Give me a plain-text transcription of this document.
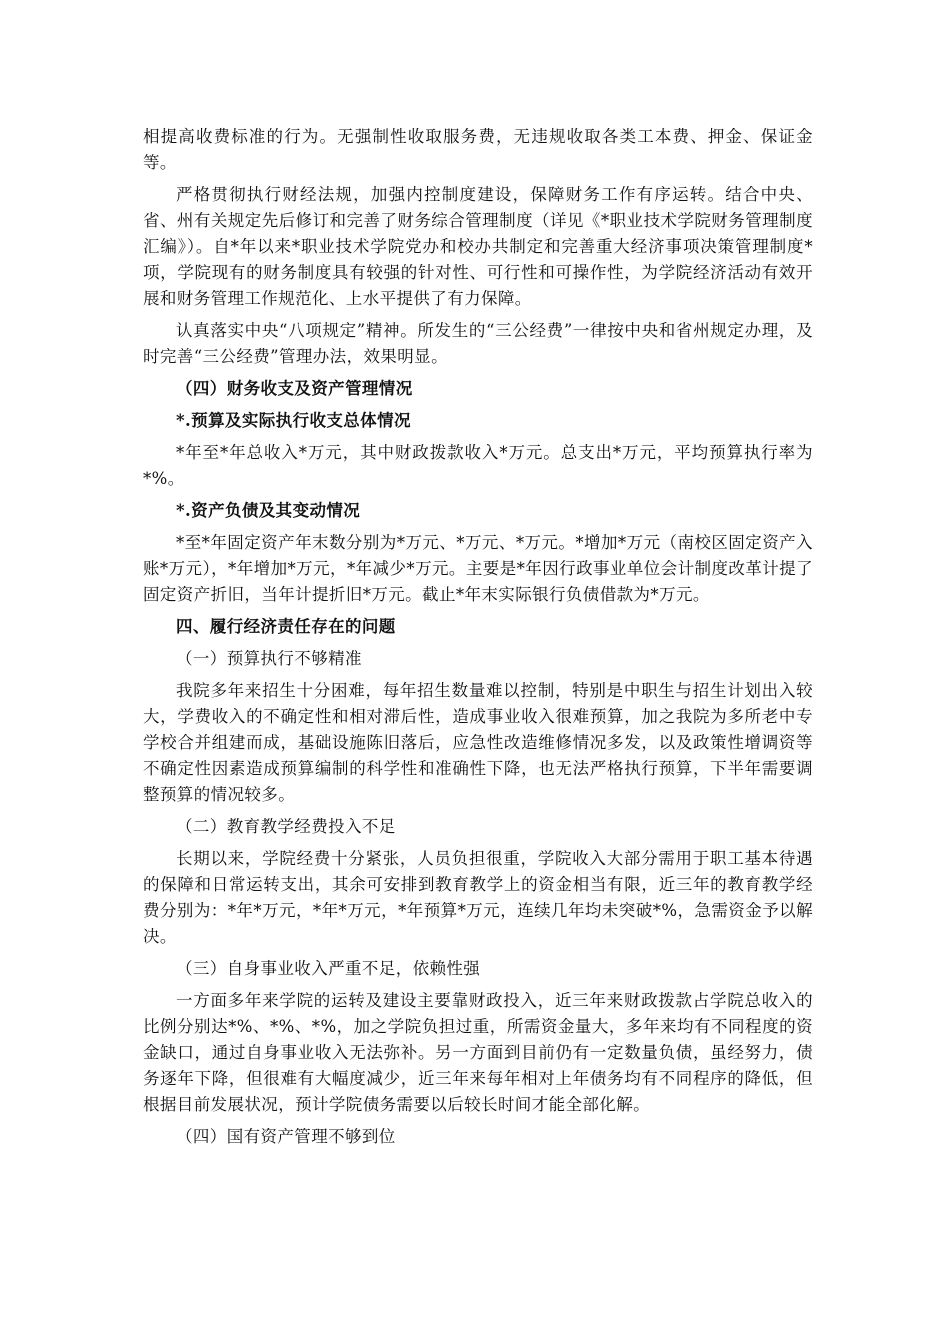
相提高收费标准的行为。无强制性收取服务费，无违规收取各类工本费、押金、保证金等。

严格贯彻执行财经法规，加强内控制度建设，保障财务工作有序运转。结合中央、省、州有关规定先后修订和完善了财务综合管理制度（详见《*职业技术学院财务管理制度汇编》）。自*年以来*职业技术学院党办和校办共制定和完善重大经济事项决策管理制度*项，学院现有的财务制度具有较强的针对性、可行性和可操作性，为学院经济活动有效开展和财务管理工作规范化、上水平提供了有力保障。

认真落实中央“八项规定”精神。所发生的“三公经费”一律按中央和省州规定办理，及时完善“三公经费”管理办法，效果明显。

（四）财务收支及资产管理情况

*.预算及实际执行收支总体情况

*年至*年总收入*万元，其中财政拨款收入*万元。总支出*万元，平均预算执行率为*%。

*.资产负债及其变动情况

*至*年固定资产年末数分别为*万元、*万元、*万元。*增加*万元（南校区固定资产入账*万元），*年增加*万元，*年减少*万元。主要是*年因行政事业单位会计制度改革计提了固定资产折旧，当年计提折旧*万元。截止*年末实际银行负债借款为*万元。

四、履行经济责任存在的问题

（一）预算执行不够精准

我院多年来招生十分困难，每年招生数量难以控制，特别是中职生与招生计划出入较大，学费收入的不确定性和相对滞后性，造成事业收入很难预算，加之我院为多所老中专学校合并组建而成，基础设施陈旧落后，应急性改造维修情况多发，以及政策性增调资等不确定性因素造成预算编制的科学性和准确性下降，也无法严格执行预算，下半年需要调整预算的情况较多。

（二）教育教学经费投入不足

长期以来，学院经费十分紧张，人员负担很重，学院收入大部分需用于职工基本待遇的保障和日常运转支出，其余可安排到教育教学上的资金相当有限，近三年的教育教学经费分别为：*年*万元，*年*万元，*年预算*万元，连续几年均未突破*%，急需资金予以解决。

（三）自身事业收入严重不足，依赖性强

一方面多年来学院的运转及建设主要靠财政投入，近三年来财政拨款占学院总收入的比例分别达*%、*%、*%，加之学院负担过重，所需资金量大，多年来均有不同程度的资金缺口，通过自身事业收入无法弥补。另一方面到目前仍有一定数量负债，虽经努力，债务逐年下降，但很难有大幅度减少，近三年来每年相对上年债务均有不同程序的降低，但根据目前发展状况，预计学院债务需要以后较长时间才能全部化解。

（四）国有资产管理不够到位
